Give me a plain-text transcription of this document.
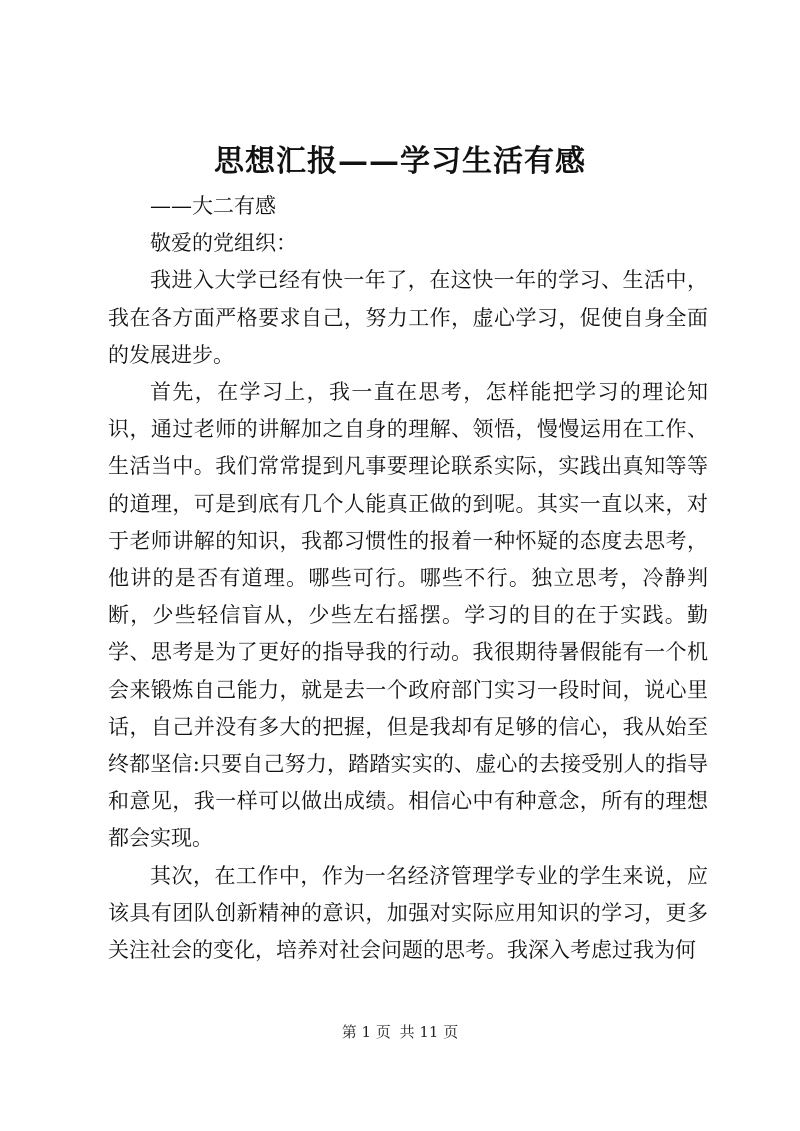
思想汇报——学习生活有感

——大二有感

敬爱的党组织：

我进入大学已经有快一年了，在这快一年的学习、生活中，我在各方面严格要求自己，努力工作，虚心学习，促使自身全面的发展进步。

首先，在学习上，我一直在思考，怎样能把学习的理论知识，通过老师的讲解加之自身的理解、领悟，慢慢运用在工作、生活当中。我们常常提到凡事要理论联系实际，实践出真知等等的道理，可是到底有几个人能真正做的到呢。其实一直以来，对于老师讲解的知识，我都习惯性的报着一种怀疑的态度去思考，他讲的是否有道理。哪些可行。哪些不行。独立思考，冷静判断，少些轻信盲从，少些左右摇摆。学习的目的在于实践。勤学、思考是为了更好的指导我的行动。我很期待暑假能有一个机会来锻炼自己能力，就是去一个政府部门实习一段时间，说心里话，自己并没有多大的把握，但是我却有足够的信心，我从始至终都坚信:只要自己努力，踏踏实实的、虚心的去接受别人的指导和意见，我一样可以做出成绩。相信心中有种意念，所有的理想都会实现。

其次，在工作中，作为一名经济管理学专业的学生来说，应该具有团队创新精神的意识，加强对实际应用知识的学习，更多关注社会的变化，培养对社会问题的思考。我深入考虑过我为何

第 1 页 共 11 页
